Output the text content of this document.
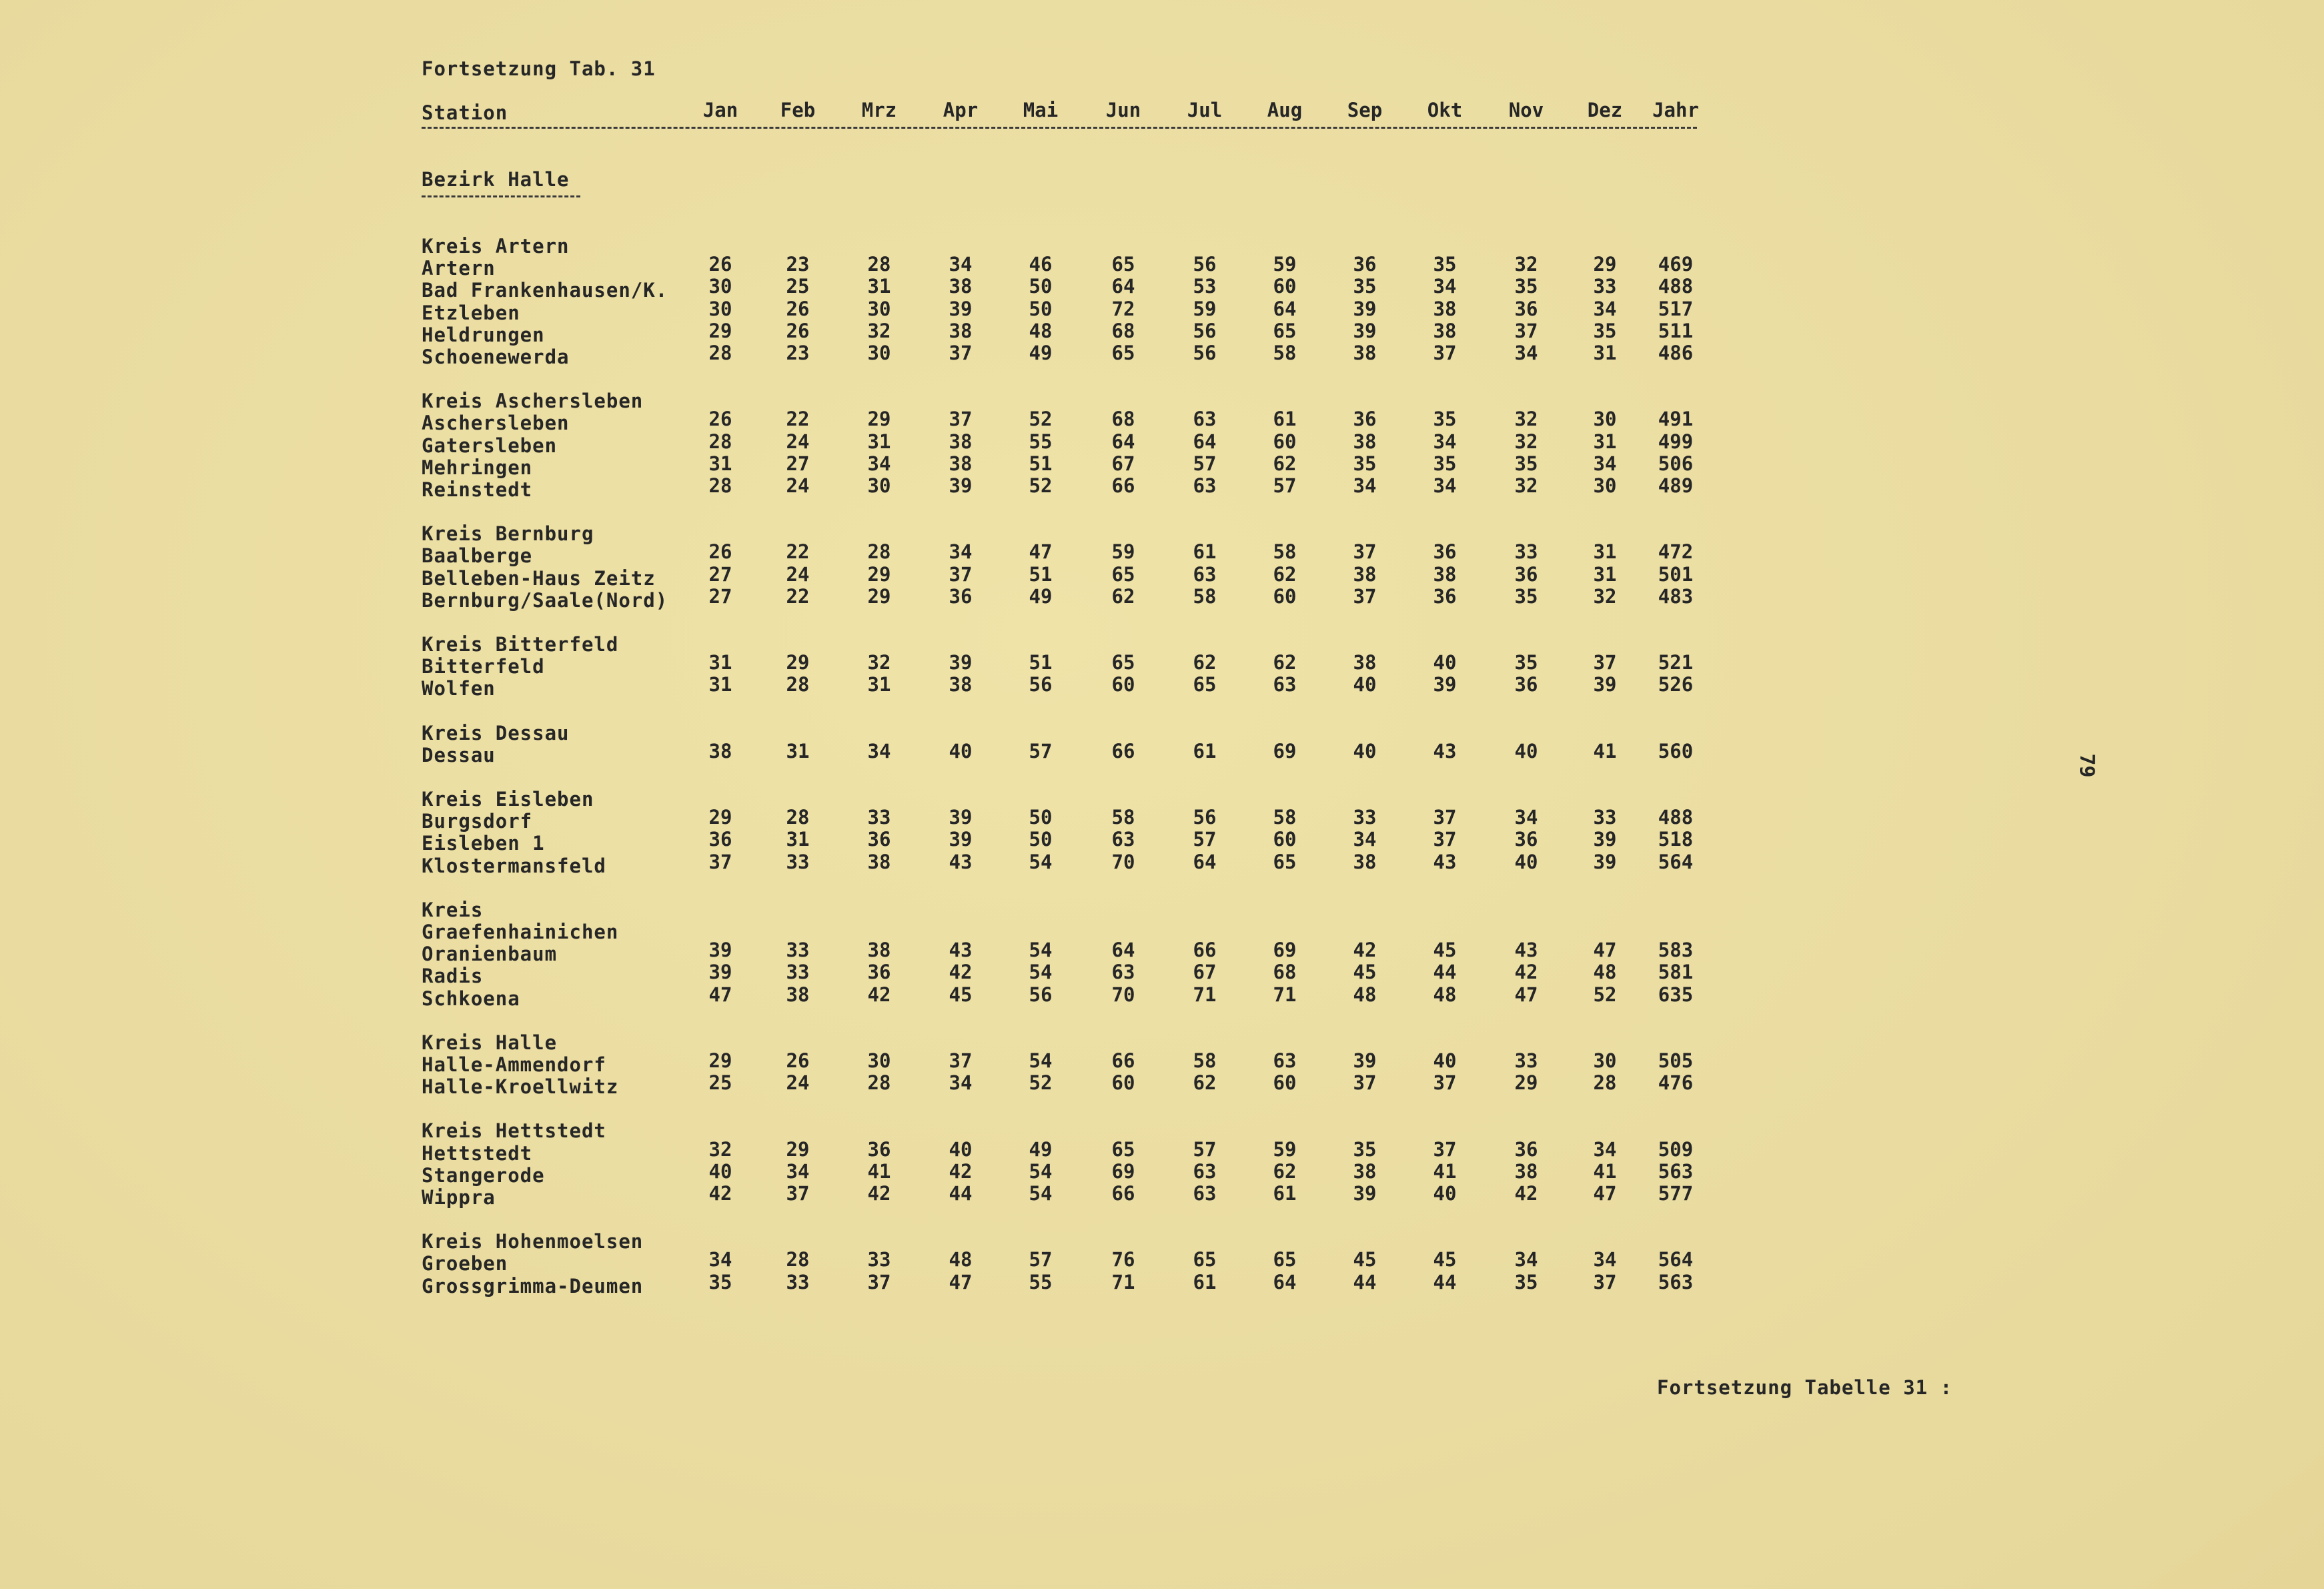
Fortsetzung Tab. 31
Station	Jan	Feb	Mrz	Apr	Mai	Jun	Jul	Aug	Sep	Okt	Nov	Dez	Jahr
Bezirk Halle
Kreis Artern
Artern	26	23	28	34	46	65	56	59	36	35	32	29	469
Bad Frankenhausen/K.	30	25	31	38	50	64	53	60	35	34	35	33	488
Etzleben	30	26	30	39	50	72	59	64	39	38	36	34	517
Heldrungen	29	26	32	38	48	68	56	65	39	38	37	35	511
Schoenewerda	28	23	30	37	49	65	56	58	38	37	34	31	486
Kreis Aschersleben
Aschersleben	26	22	29	37	52	68	63	61	36	35	32	30	491
Gatersleben	28	24	31	38	55	64	64	60	38	34	32	31	499
Mehringen	31	27	34	38	51	67	57	62	35	35	35	34	506
Reinstedt	28	24	30	39	52	66	63	57	34	34	32	30	489
Kreis Bernburg
Baalberge	26	22	28	34	47	59	61	58	37	36	33	31	472
Belleben-Haus Zeitz	27	24	29	37	51	65	63	62	38	38	36	31	501
Bernburg/Saale(Nord)	27	22	29	36	49	62	58	60	37	36	35	32	483
Kreis Bitterfeld
Bitterfeld	31	29	32	39	51	65	62	62	38	40	35	37	521
Wolfen	31	28	31	38	56	60	65	63	40	39	36	39	526
Kreis Dessau
Dessau	38	31	34	40	57	66	61	69	40	43	40	41	560
Kreis Eisleben
Burgsdorf	29	28	33	39	50	58	56	58	33	37	34	33	488
Eisleben 1	36	31	36	39	50	63	57	60	34	37	36	39	518
Klostermansfeld	37	33	38	43	54	70	64	65	38	43	40	39	564
Kreis
Graefenhainichen
Oranienbaum	39	33	38	43	54	64	66	69	42	45	43	47	583
Radis	39	33	36	42	54	63	67	68	45	44	42	48	581
Schkoena	47	38	42	45	56	70	71	71	48	48	47	52	635
Kreis Halle
Halle-Ammendorf	29	26	30	37	54	66	58	63	39	40	33	30	505
Halle-Kroellwitz	25	24	28	34	52	60	62	60	37	37	29	28	476
Kreis Hettstedt
Hettstedt	32	29	36	40	49	65	57	59	35	37	36	34	509
Stangerode	40	34	41	42	54	69	63	62	38	41	38	41	563
Wippra	42	37	42	44	54	66	63	61	39	40	42	47	577
Kreis Hohenmoelsen
Groeben	34	28	33	48	57	76	65	65	45	45	34	34	564
Grossgrimma-Deumen	35	33	37	47	55	71	61	64	44	44	35	37	563
Fortsetzung Tabelle 31 :
79
